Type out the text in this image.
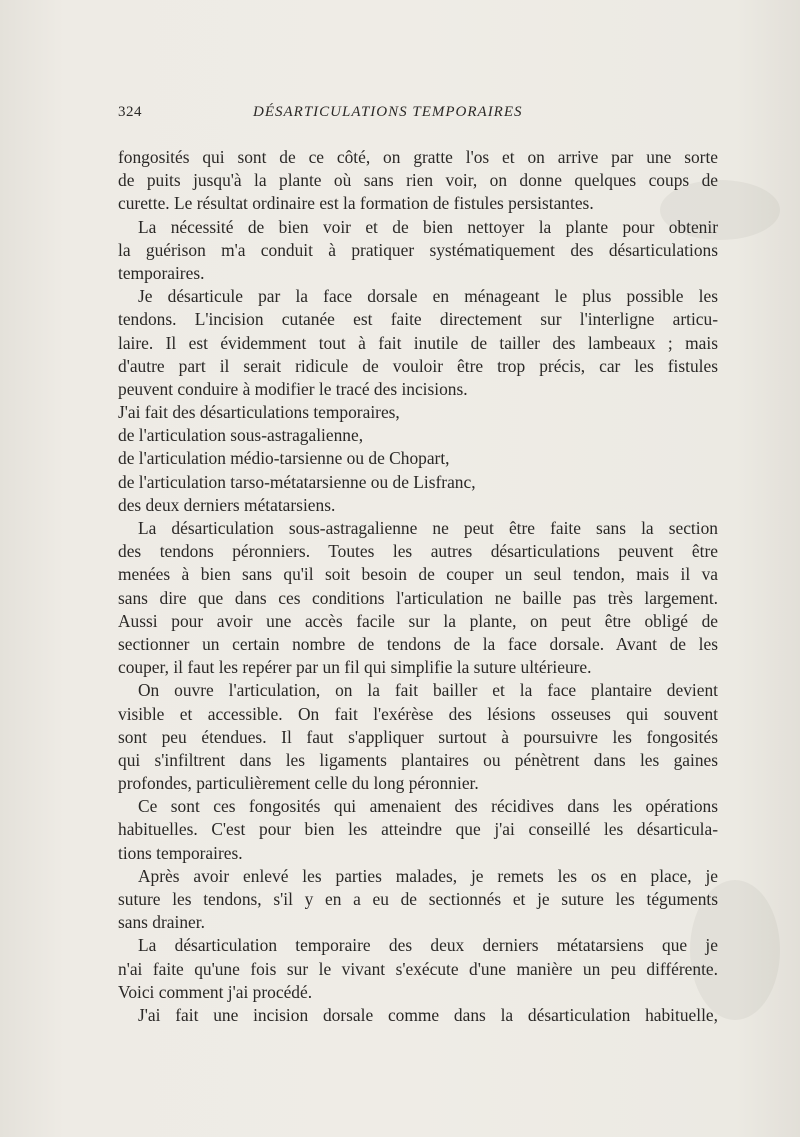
324	DÉSARTICULATIONS TEMPORAIRES
fongosités qui sont de ce côté, on gratte l'os et on arrive par une sorte
de puits jusqu'à la plante où sans rien voir, on donne quelques coups de
curette. Le résultat ordinaire est la formation de fistules persistantes.
La nécessité de bien voir et de bien nettoyer la plante pour obtenir
la guérison m'a conduit à pratiquer systématiquement des désarticulations
temporaires.
Je désarticule par la face dorsale en ménageant le plus possible les
tendons. L'incision cutanée est faite directement sur l'interligne articu-
laire. Il est évidemment tout à fait inutile de tailler des lambeaux ; mais
d'autre part il serait ridicule de vouloir être trop précis, car les fistules
peuvent conduire à modifier le tracé des incisions.
J'ai fait des désarticulations temporaires,
de l'articulation sous-astragalienne,
de l'articulation médio-tarsienne ou de Chopart,
de l'articulation tarso-métatarsienne ou de Lisfranc,
des deux derniers métatarsiens.
La désarticulation sous-astragalienne ne peut être faite sans la section
des tendons péronniers. Toutes les autres désarticulations peuvent être
menées à bien sans qu'il soit besoin de couper un seul tendon, mais il va
sans dire que dans ces conditions l'articulation ne baille pas très largement.
Aussi pour avoir une accès facile sur la plante, on peut être obligé de
sectionner un certain nombre de tendons de la face dorsale. Avant de les
couper, il faut les repérer par un fil qui simplifie la suture ultérieure.
On ouvre l'articulation, on la fait bailler et la face plantaire devient
visible et accessible. On fait l'exérèse des lésions osseuses qui souvent
sont peu étendues. Il faut s'appliquer surtout à poursuivre les fongosités
qui s'infiltrent dans les ligaments plantaires ou pénètrent dans les gaines
profondes, particulièrement celle du long péronnier.
Ce sont ces fongosités qui amenaient des récidives dans les opérations
habituelles. C'est pour bien les atteindre que j'ai conseillé les désarticula-
tions temporaires.
Après avoir enlevé les parties malades, je remets les os en place, je
suture les tendons, s'il y en a eu de sectionnés et je suture les téguments
sans drainer.
La désarticulation temporaire des deux derniers métatarsiens que je
n'ai faite qu'une fois sur le vivant s'exécute d'une manière un peu différente.
Voici comment j'ai procédé.
J'ai fait une incision dorsale comme dans la désarticulation habituelle,
